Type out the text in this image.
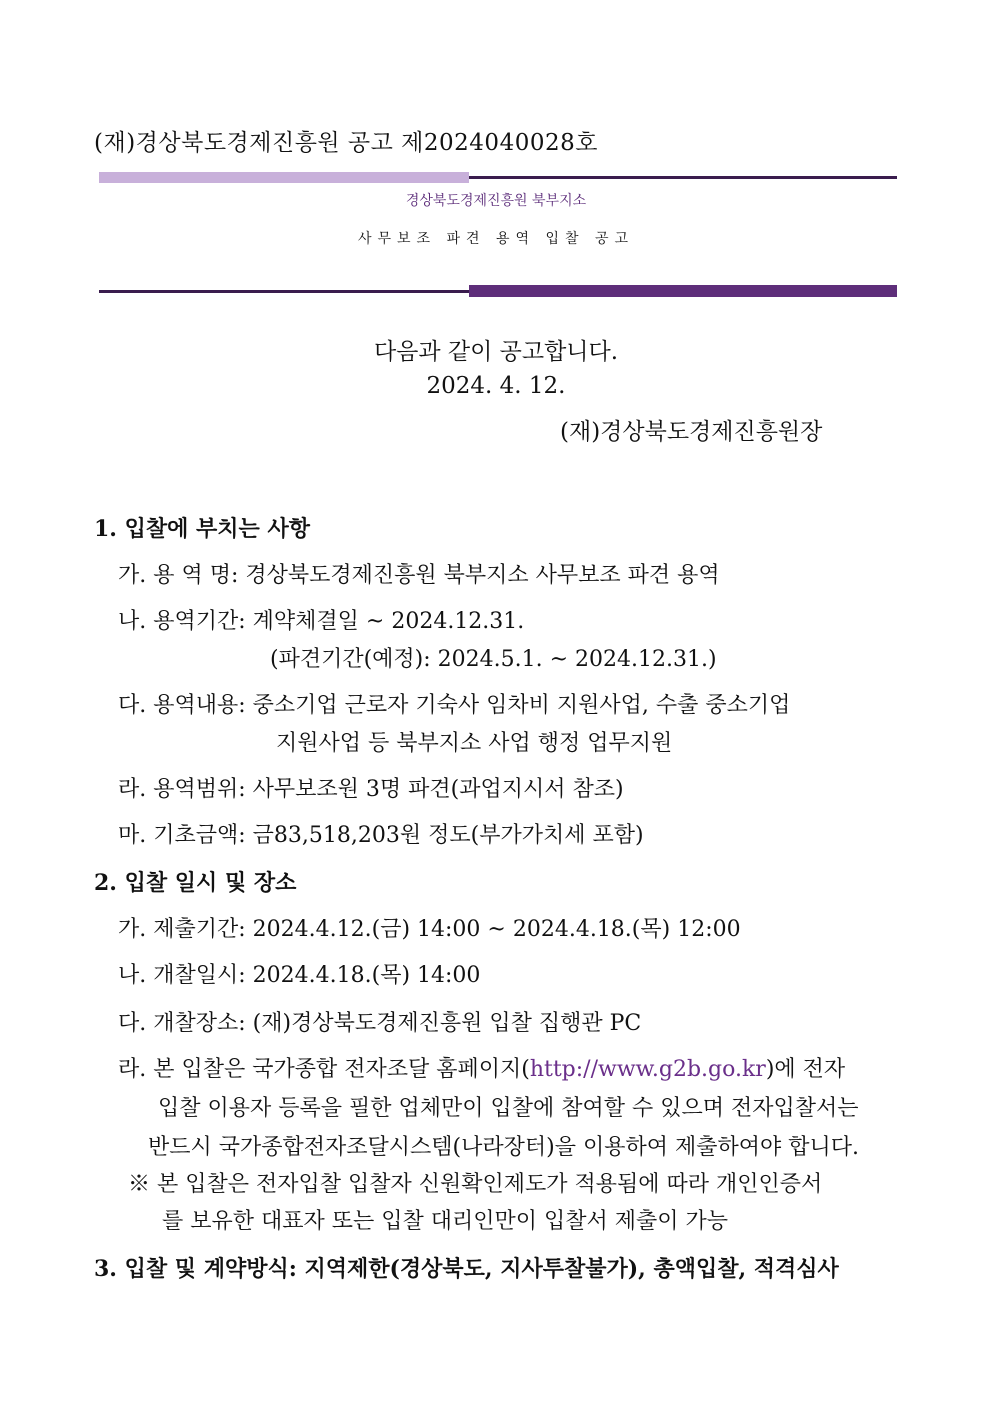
(재)경상북도경제진흥원 공고 제2024040028호
경상북도경제진흥원 북부지소
사무보조 파견 용역 입찰 공고
다음과 같이 공고합니다.
2024. 4. 12.
(재)경상북도경제진흥원장
1. 입찰에 부치는 사항
가. 용 역 명: 경상북도경제진흥원 북부지소 사무보조 파견 용역
나. 용역기간: 계약체결일 ~ 2024.12.31.
(파견기간(예정): 2024.5.1. ~ 2024.12.31.)
다. 용역내용: 중소기업 근로자 기숙사 임차비 지원사업, 수출 중소기업
지원사업 등 북부지소 사업 행정 업무지원
라. 용역범위: 사무보조원 3명 파견(과업지시서 참조)
마. 기초금액: 금83,518,203원 정도(부가가치세 포함)
2. 입찰 일시 및 장소
가. 제출기간: 2024.4.12.(금) 14:00 ~ 2024.4.18.(목) 12:00
나. 개찰일시: 2024.4.18.(목) 14:00
다. 개찰장소: (재)경상북도경제진흥원 입찰 집행관 PC
라. 본 입찰은 국가종합 전자조달 홈페이지(http://www.g2b.go.kr)에 전자
입찰 이용자 등록을 필한 업체만이 입찰에 참여할 수 있으며 전자입찰서는
반드시 국가종합전자조달시스템(나라장터)을 이용하여 제출하여야 합니다.
※ 본 입찰은 전자입찰 입찰자 신원확인제도가 적용됨에 따라 개인인증서
를 보유한 대표자 또는 입찰 대리인만이 입찰서 제출이 가능
3. 입찰 및 계약방식: 지역제한(경상북도, 지사투찰불가), 총액입찰, 적격심사
